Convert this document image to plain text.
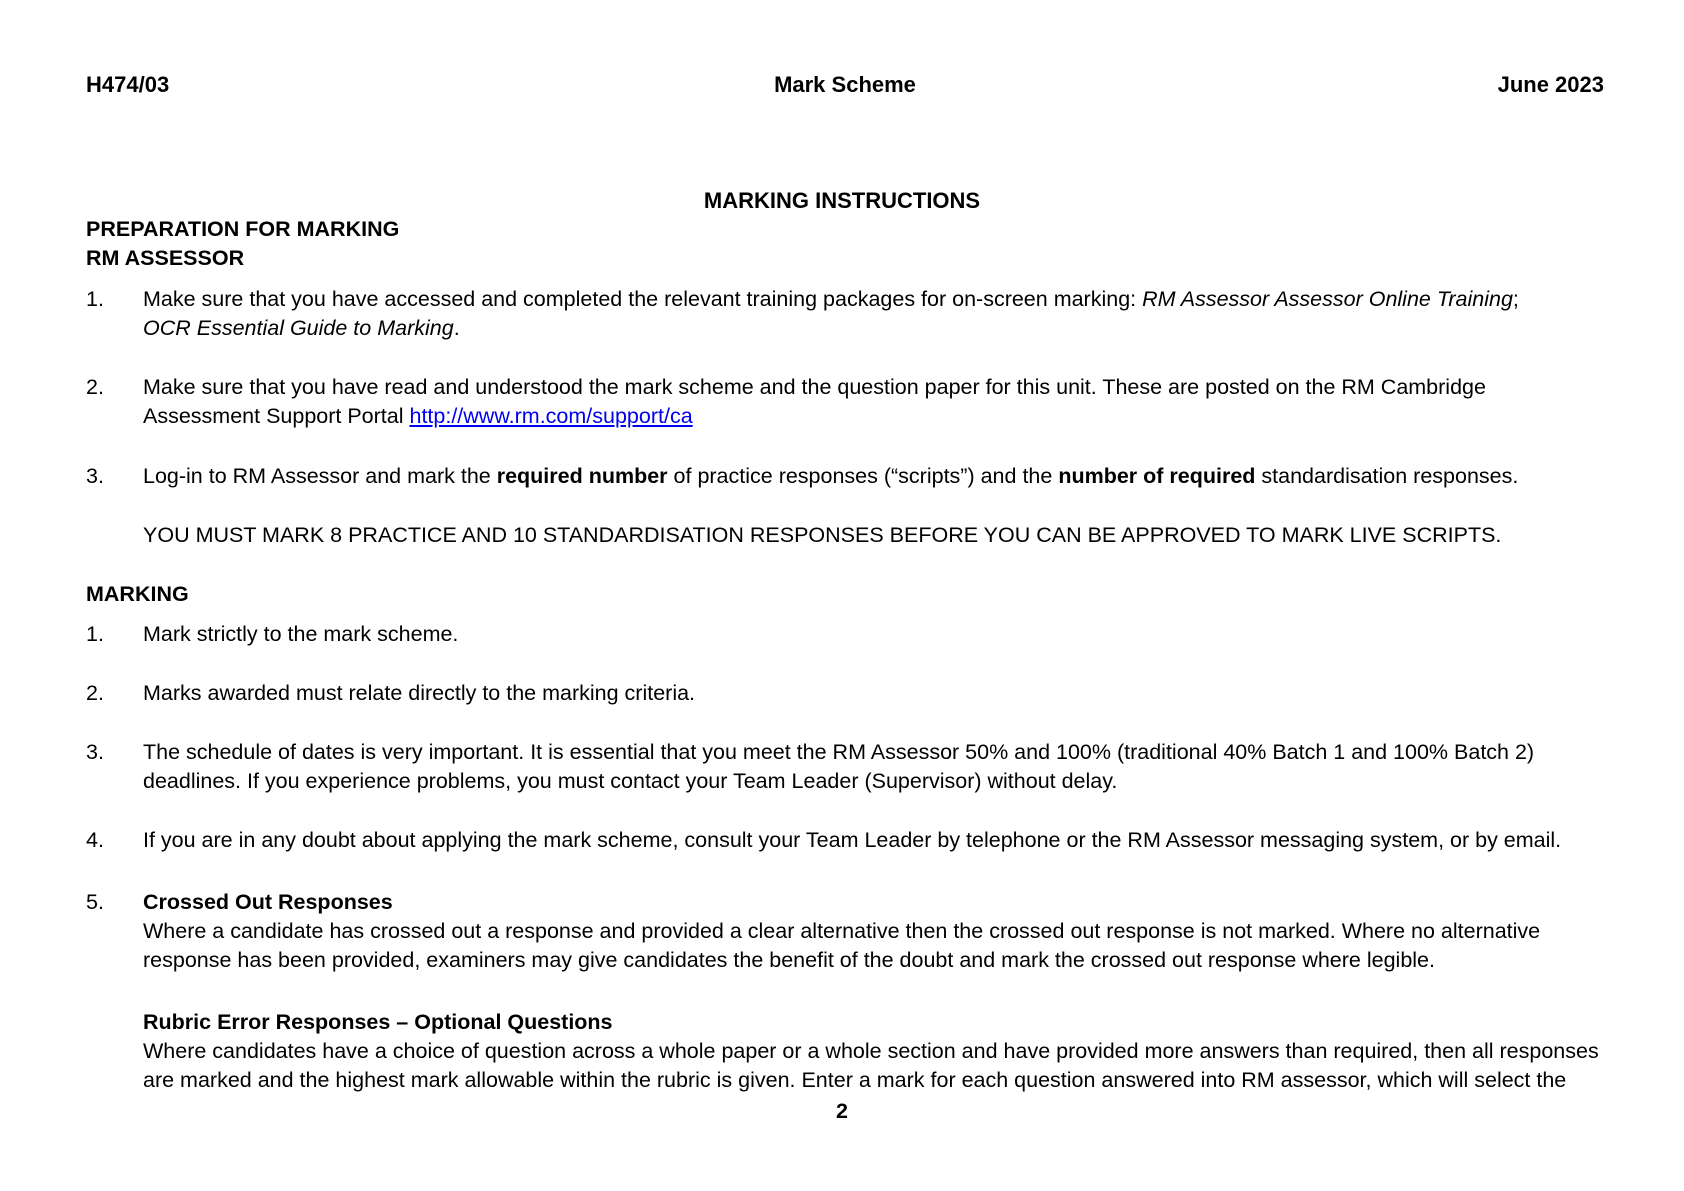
H474/03	Mark Scheme	June 2023
MARKING INSTRUCTIONS
PREPARATION FOR MARKING
RM ASSESSOR
1.	Make sure that you have accessed and completed the relevant training packages for on-screen marking: RM Assessor Assessor Online Training;
OCR Essential Guide to Marking.
2.	Make sure that you have read and understood the mark scheme and the question paper for this unit. These are posted on the RM Cambridge
Assessment Support Portal http://www.rm.com/support/ca
3.	Log-in to RM Assessor and mark the required number of practice responses (“scripts”) and the number of required standardisation responses.
YOU MUST MARK 8 PRACTICE AND 10 STANDARDISATION RESPONSES BEFORE YOU CAN BE APPROVED TO MARK LIVE SCRIPTS.
MARKING
1.	Mark strictly to the mark scheme.
2.	Marks awarded must relate directly to the marking criteria.
3.	The schedule of dates is very important. It is essential that you meet the RM Assessor 50% and 100% (traditional 40% Batch 1 and 100% Batch 2)
deadlines. If you experience problems, you must contact your Team Leader (Supervisor) without delay.
4.	If you are in any doubt about applying the mark scheme, consult your Team Leader by telephone or the RM Assessor messaging system, or by email.
5.	Crossed Out Responses
Where a candidate has crossed out a response and provided a clear alternative then the crossed out response is not marked. Where no alternative
response has been provided, examiners may give candidates the benefit of the doubt and mark the crossed out response where legible.
Rubric Error Responses – Optional Questions
Where candidates have a choice of question across a whole paper or a whole section and have provided more answers than required, then all responses
are marked and the highest mark allowable within the rubric is given. Enter a mark for each question answered into RM assessor, which will select the
2
